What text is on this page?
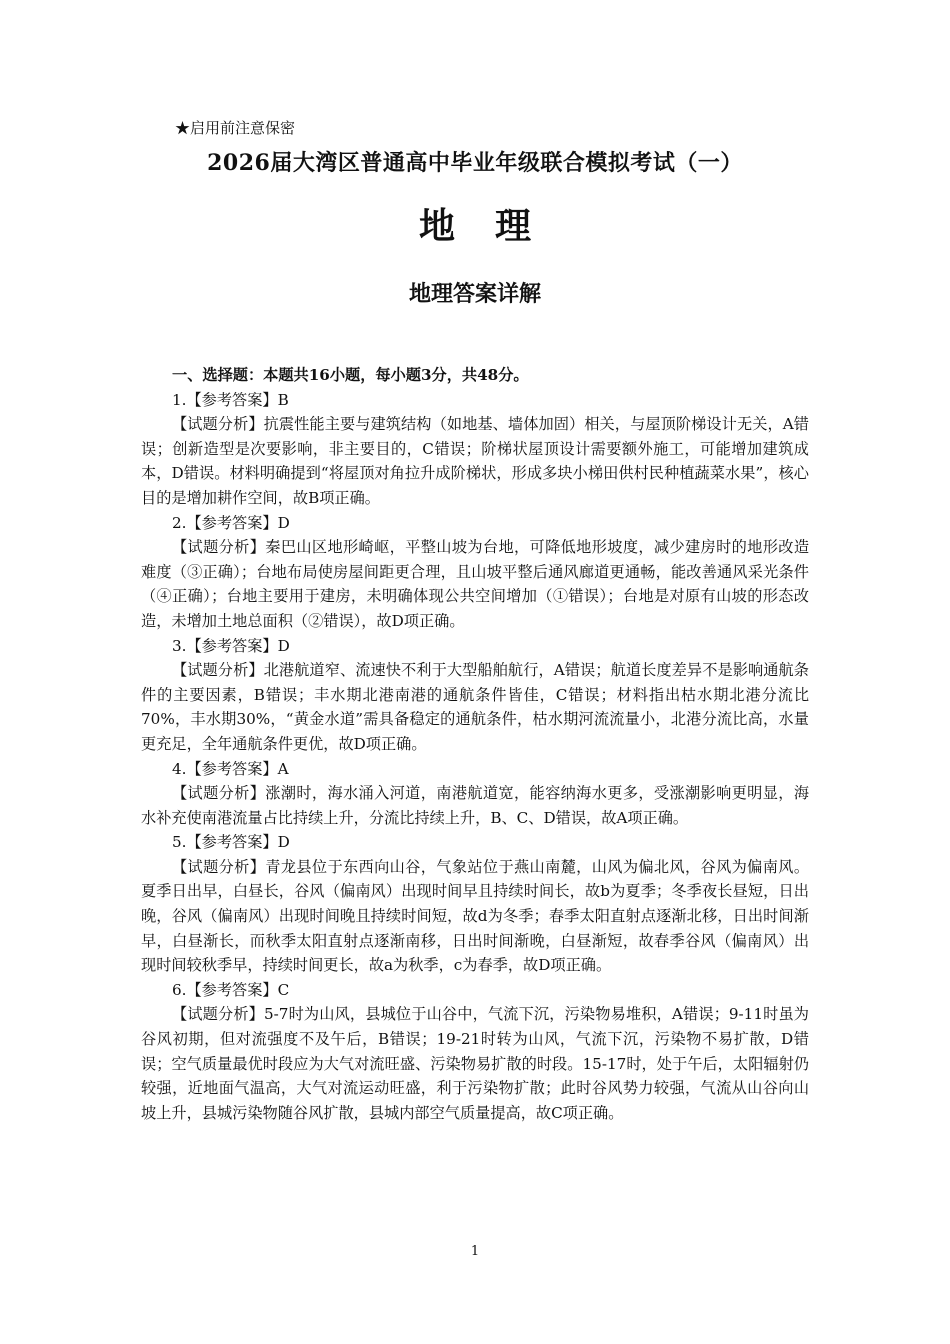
★启用前注意保密
2026届大湾区普通高中毕业年级联合模拟考试（一）
地理
地理答案详解

一、选择题：本题共16小题，每小题3分，共48分。

1.【参考答案】B

【试题分析】抗震性能主要与建筑结构（如地基、墙体加固）相关，与屋顶阶梯设计无关，A错误；创新造型是次要影响，非主要目的，C错误；阶梯状屋顶设计需要额外施工，可能增加建筑成本，D错误。材料明确提到“将屋顶对角拉升成阶梯状，形成多块小梯田供村民种植蔬菜水果”，核心目的是增加耕作空间，故B项正确。

2.【参考答案】D

【试题分析】秦巴山区地形崎岖，平整山坡为台地，可降低地形坡度，减少建房时的地形改造难度（③正确）；台地布局使房屋间距更合理，且山坡平整后通风廊道更通畅，能改善通风采光条件（④正确）；台地主要用于建房，未明确体现公共空间增加（①错误）；台地是对原有山坡的形态改造，未增加土地总面积（②错误），故D项正确。

3.【参考答案】D

【试题分析】北港航道窄、流速快不利于大型船舶航行，A错误；航道长度差异不是影响通航条件的主要因素，B错误；丰水期北港南港的通航条件皆佳，C错误；材料指出枯水期北港分流比70%，丰水期30%，“黄金水道”需具备稳定的通航条件，枯水期河流流量小，北港分流比高，水量更充足，全年通航条件更优，故D项正确。

4.【参考答案】A

【试题分析】涨潮时，海水涌入河道，南港航道宽，能容纳海水更多，受涨潮影响更明显，海水补充使南港流量占比持续上升，分流比持续上升，B、C、D错误，故A项正确。

5.【参考答案】D

【试题分析】青龙县位于东西向山谷，气象站位于燕山南麓，山风为偏北风，谷风为偏南风。夏季日出早，白昼长，谷风（偏南风）出现时间早且持续时间长，故b为夏季；冬季夜长昼短，日出晚，谷风（偏南风）出现时间晚且持续时间短，故d为冬季；春季太阳直射点逐渐北移，日出时间渐早，白昼渐长，而秋季太阳直射点逐渐南移，日出时间渐晚，白昼渐短，故春季谷风（偏南风）出现时间较秋季早，持续时间更长，故a为秋季，c为春季，故D项正确。

6.【参考答案】C

【试题分析】5-7时为山风，县城位于山谷中，气流下沉，污染物易堆积，A错误；9-11时虽为谷风初期，但对流强度不及午后，B错误；19-21时转为山风，气流下沉，污染物不易扩散，D错误；空气质量最优时段应为大气对流旺盛、污染物易扩散的时段。15-17时，处于午后，太阳辐射仍较强，近地面气温高，大气对流运动旺盛，利于污染物扩散；此时谷风势力较强，气流从山谷向山坡上升，县城污染物随谷风扩散，县城内部空气质量提高，故C项正确。

1
